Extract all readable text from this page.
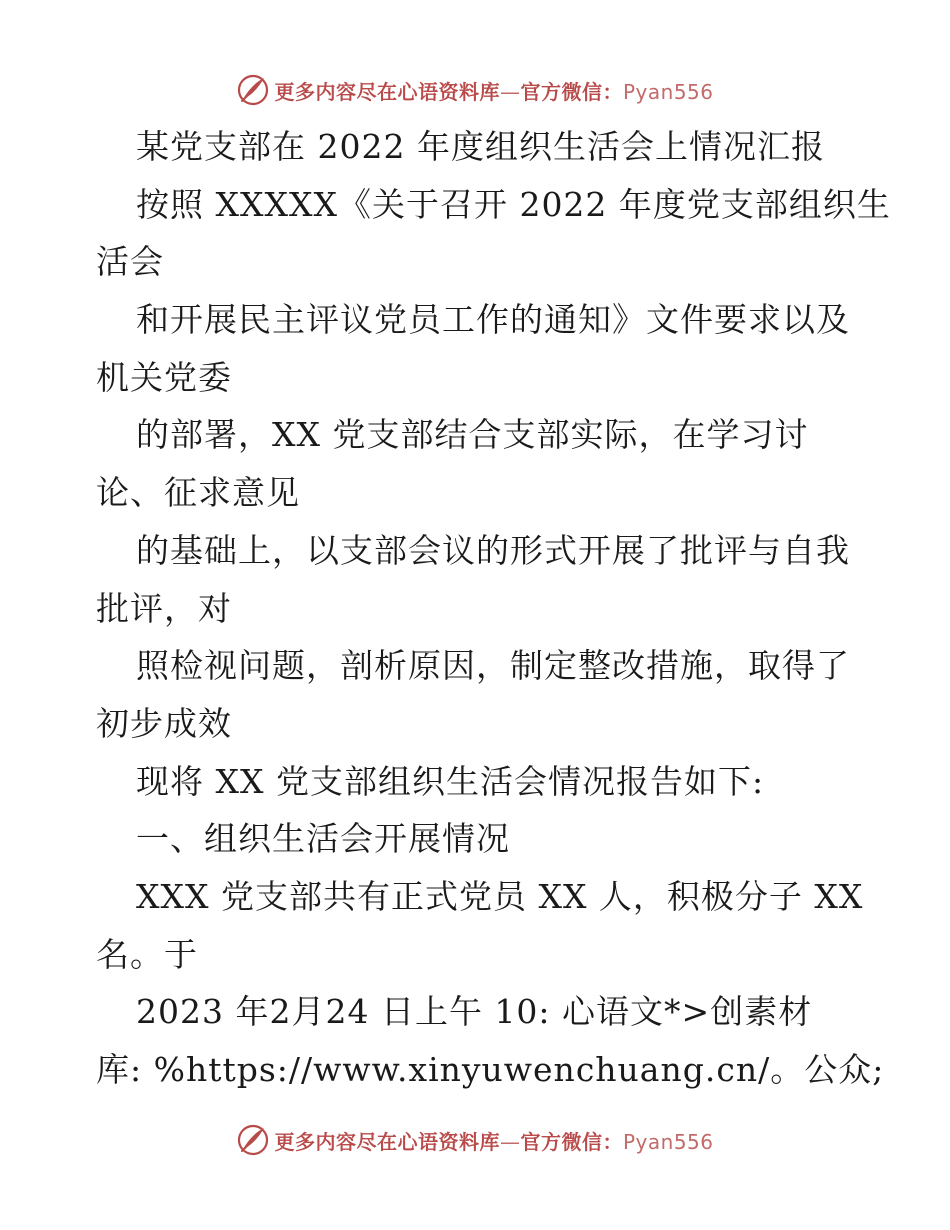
更多内容尽在心语资料库—官方微信：Pyan556
某党支部在 2022 年度组织生活会上情况汇报
按照 XXXXX《关于召开 2022 年度党支部组织生
活会
和开展民主评议党员工作的通知》文件要求以及
机关党委
的部署，XX 党支部结合支部实际，在学习讨
论、征求意见
的基础上，以支部会议的形式开展了批评与自我
批评，对
照检视问题，剖析原因，制定整改措施，取得了
初步成效
现将 XX 党支部组织生活会情况报告如下:
一、组织生活会开展情况
XXX 党支部共有正式党员 XX 人，积极分子 XX
名。于
2023 年2月24 日上午 10: 心语文*>创素材
库: %https://www.xinyuwenchuang.cn/。公众;
更多内容尽在心语资料库—官方微信：Pyan556
